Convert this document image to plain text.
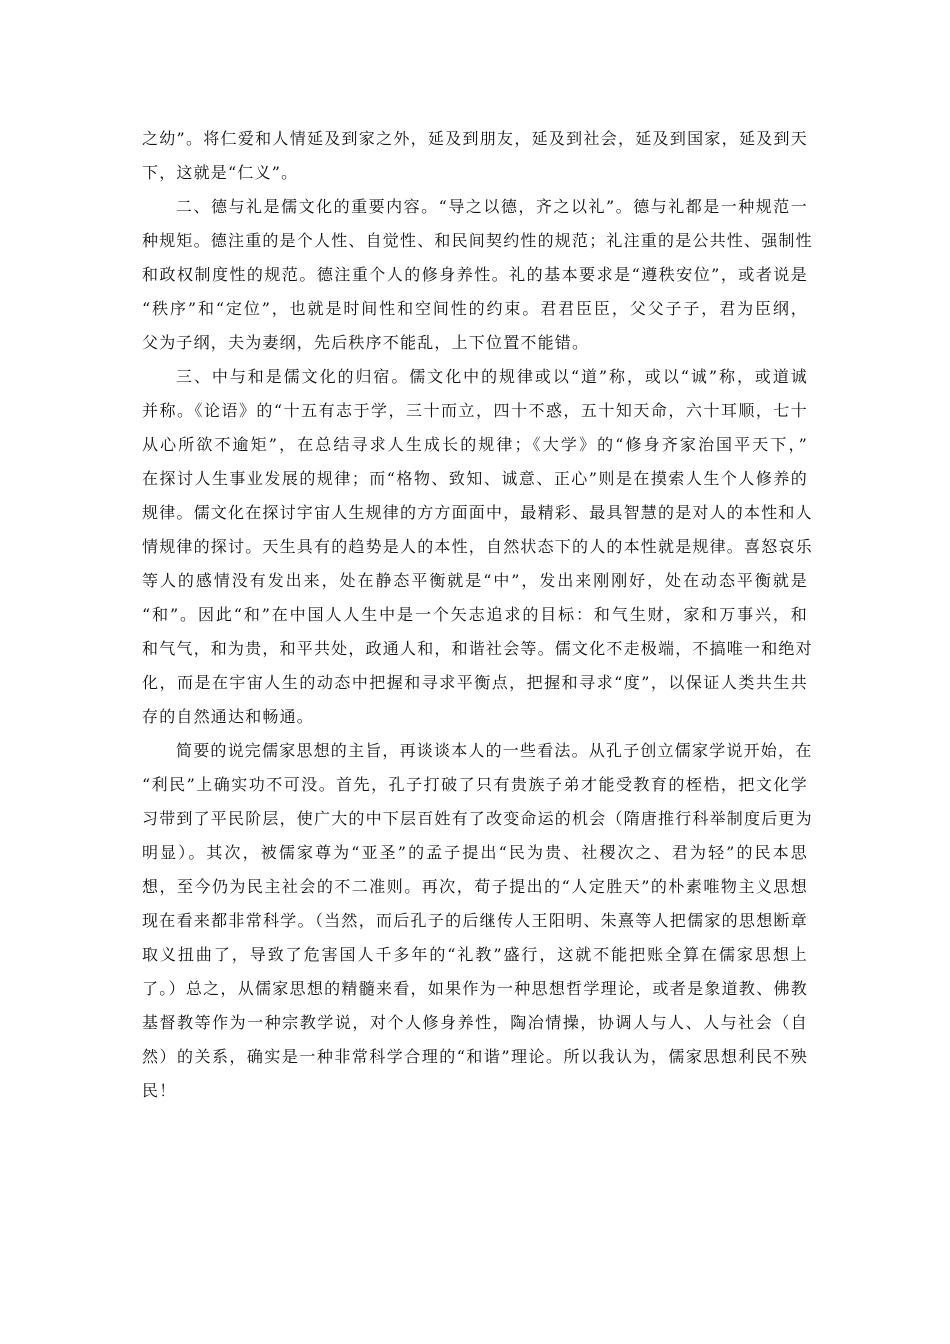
之幼”。将仁爱和人情延及到家之外，延及到朋友，延及到社会，延及到国家，延及到天
下，这就是“仁义”。
二、德与礼是儒文化的重要内容。“导之以德，齐之以礼”。德与礼都是一种规范一
种规矩。德注重的是个人性、自觉性、和民间契约性的规范；礼注重的是公共性、强制性
和政权制度性的规范。德注重个人的修身养性。礼的基本要求是“遵秩安位”，或者说是
“秩序”和“定位”，也就是时间性和空间性的约束。君君臣臣，父父子子，君为臣纲，
父为子纲，夫为妻纲，先后秩序不能乱，上下位置不能错。
三、中与和是儒文化的归宿。儒文化中的规律或以“道”称，或以“诚”称，或道诚
并称。《论语》的“十五有志于学，三十而立，四十不惑，五十知天命，六十耳顺，七十
从心所欲不逾矩”，在总结寻求人生成长的规律；《大学》的“修身齐家治国平天下，”
在探讨人生事业发展的规律；而“格物、致知、诚意、正心”则是在摸索人生个人修养的
规律。儒文化在探讨宇宙人生规律的方方面面中，最精彩、最具智慧的是对人的本性和人
情规律的探讨。天生具有的趋势是人的本性，自然状态下的人的本性就是规律。喜怒哀乐
等人的感情没有发出来，处在静态平衡就是“中”，发出来刚刚好，处在动态平衡就是
“和”。因此“和”在中国人人生中是一个矢志追求的目标：和气生财，家和万事兴，和
和气气，和为贵，和平共处，政通人和，和谐社会等。儒文化不走极端，不搞唯一和绝对
化，而是在宇宙人生的动态中把握和寻求平衡点，把握和寻求“度”，以保证人类共生共
存的自然通达和畅通。
简要的说完儒家思想的主旨，再谈谈本人的一些看法。从孔子创立儒家学说开始，在
“利民”上确实功不可没。首先，孔子打破了只有贵族子弟才能受教育的桎梏，把文化学
习带到了平民阶层，使广大的中下层百姓有了改变命运的机会（隋唐推行科举制度后更为
明显）。其次，被儒家尊为“亚圣”的孟子提出“民为贵、社稷次之、君为轻”的民本思
想，至今仍为民主社会的不二准则。再次，荀子提出的“人定胜天”的朴素唯物主义思想
现在看来都非常科学。（当然，而后孔子的后继传人王阳明、朱熹等人把儒家的思想断章
取义扭曲了，导致了危害国人千多年的“礼教”盛行，这就不能把账全算在儒家思想上
了。）总之，从儒家思想的精髓来看，如果作为一种思想哲学理论，或者是象道教、佛教
基督教等作为一种宗教学说，对个人修身养性，陶冶情操，协调人与人、人与社会（自
然）的关系，确实是一种非常科学合理的“和谐”理论。所以我认为，儒家思想利民不殃
民！
